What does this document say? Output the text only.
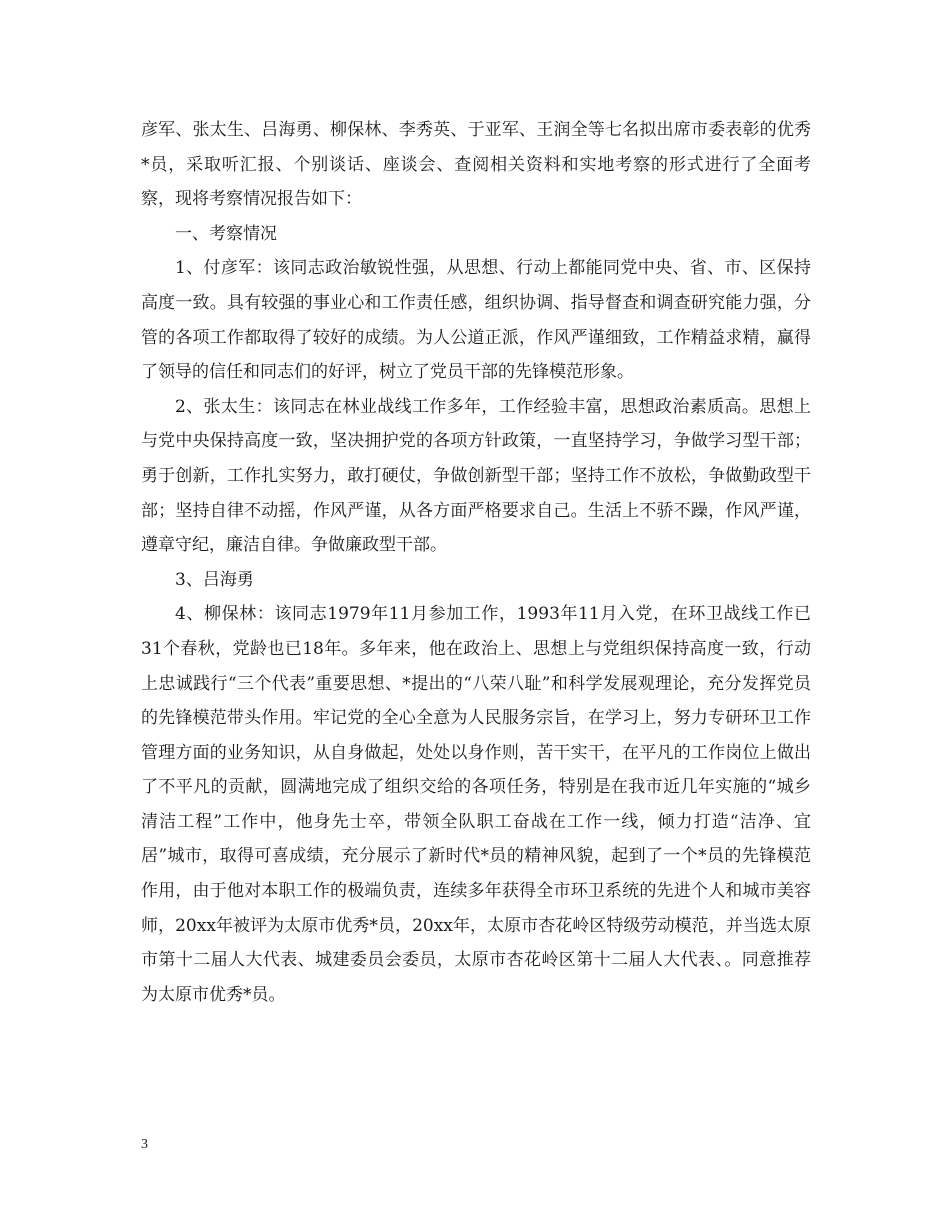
彦军、张太生、吕海勇、柳保林、李秀英、于亚军、王润全等七名拟出席市委表彰的优秀*员，采取听汇报、个别谈话、座谈会、查阅相关资料和实地考察的形式进行了全面考察，现将考察情况报告如下：

一、考察情况

1、付彦军：该同志政治敏锐性强，从思想、行动上都能同党中央、省、市、区保持高度一致。具有较强的事业心和工作责任感，组织协调、指导督查和调查研究能力强，分管的各项工作都取得了较好的成绩。为人公道正派，作风严谨细致，工作精益求精，赢得了领导的信任和同志们的好评，树立了党员干部的先锋模范形象。

2、张太生：该同志在林业战线工作多年，工作经验丰富，思想政治素质高。思想上与党中央保持高度一致，坚决拥护党的各项方针政策，一直坚持学习，争做学习型干部；勇于创新，工作扎实努力，敢打硬仗，争做创新型干部；坚持工作不放松，争做勤政型干部；坚持自律不动摇，作风严谨，从各方面严格要求自己。生活上不骄不躁，作风严谨，遵章守纪，廉洁自律。争做廉政型干部。

3、吕海勇

4、柳保林：该同志1979年11月参加工作，1993年11月入党，在环卫战线工作已31个春秋，党龄也已18年。多年来，他在政治上、思想上与党组织保持高度一致，行动上忠诚践行“三个代表”重要思想、*提出的“八荣八耻”和科学发展观理论，充分发挥党员的先锋模范带头作用。牢记党的全心全意为人民服务宗旨，在学习上，努力专研环卫工作管理方面的业务知识，从自身做起，处处以身作则，苦干实干，在平凡的工作岗位上做出了不平凡的贡献，圆满地完成了组织交给的各项任务，特别是在我市近几年实施的“城乡清洁工程”工作中，他身先士卒，带领全队职工奋战在工作一线，倾力打造“洁净、宜居”城市，取得可喜成绩，充分展示了新时代*员的精神风貌，起到了一个*员的先锋模范作用，由于他对本职工作的极端负责，连续多年获得全市环卫系统的先进个人和城市美容师，20xx年被评为太原市优秀*员，20xx年，太原市杏花岭区特级劳动模范，并当选太原市第十二届人大代表、城建委员会委员，太原市杏花岭区第十二届人大代表、。同意推荐为太原市优秀*员。

3
